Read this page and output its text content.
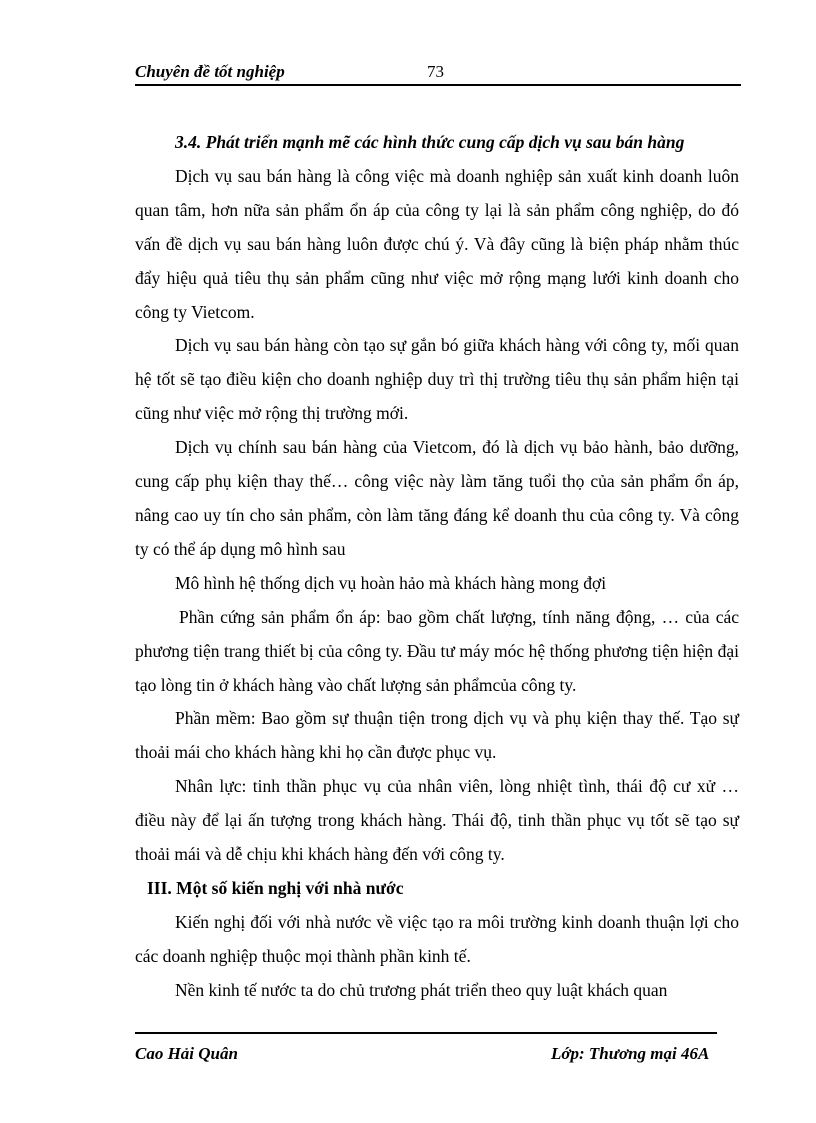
Chuyên đề tốt nghiệp	73

3.4. Phát triển mạnh mẽ các hình thức cung cấp dịch vụ sau bán hàng

Dịch vụ sau bán hàng là công việc mà doanh nghiệp sản xuất kinh doanh luôn quan tâm, hơn nữa sản phẩm ổn áp của công ty lại là sản phẩm công nghiệp, do đó vấn đề dịch vụ sau bán hàng luôn được chú ý. Và đây cũng là biện pháp nhằm thúc đẩy hiệu quả tiêu thụ sản phẩm cũng như việc mở rộng mạng lưới kinh doanh cho công ty Vietcom.

Dịch vụ sau bán hàng còn tạo sự gắn bó giữa khách hàng với công ty, mối quan hệ tốt sẽ tạo điều kiện cho doanh nghiệp duy trì thị trường tiêu thụ sản phẩm hiện tại cũng như việc mở rộng thị trường mới.

Dịch vụ chính sau bán hàng của Vietcom, đó là dịch vụ bảo hành, bảo dưỡng, cung cấp phụ kiện thay thế… công việc này làm tăng tuổi thọ của sản phẩm ổn áp, nâng cao uy tín cho sản phẩm, còn làm tăng đáng kể doanh thu của công ty. Và công ty có thể áp dụng mô hình sau

Mô hình hệ thống dịch vụ hoàn hảo mà khách hàng mong đợi

Phần cứng sản phẩm ổn áp: bao gồm chất lượng, tính năng động, … của các phương tiện trang thiết bị của công ty. Đầu tư máy móc hệ thống phương tiện hiện đại tạo lòng tin ở khách hàng vào chất lượng sản phẩmcủa công ty.

Phần mềm: Bao gồm sự thuận tiện trong dịch vụ và phụ kiện thay thế. Tạo sự thoải mái cho khách hàng khi họ cần được phục vụ.

Nhân lực: tinh thần phục vụ của nhân viên, lòng nhiệt tình, thái độ cư xử … điều này để lại ấn tượng trong khách hàng. Thái độ, tinh thần phục vụ tốt sẽ tạo sự thoải mái và dễ chịu khi khách hàng đến với công ty.

III. Một số kiến nghị với nhà nước

Kiến nghị đối với nhà nước về việc tạo ra môi trường kinh doanh thuận lợi cho các doanh nghiệp thuộc mọi thành phần kinh tế.

Nền kinh tế nước ta do chủ trương phát triển theo quy luật khách quan

Cao Hải Quân	Lớp: Thương mại 46A
